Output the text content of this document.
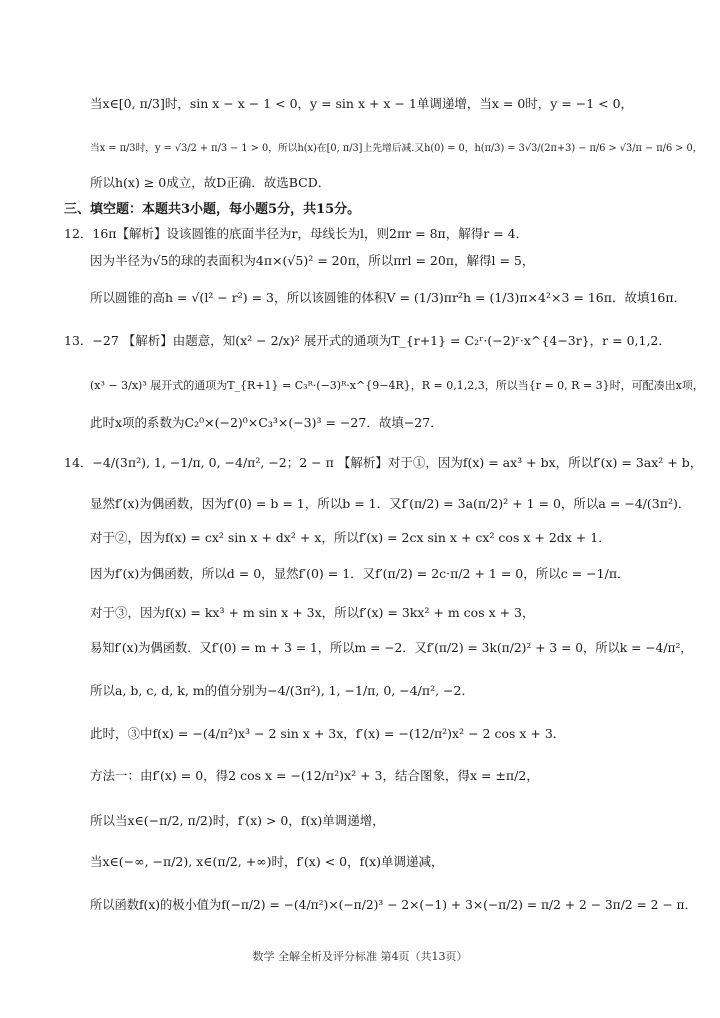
当x∈[0, π/3]时，sin x − x − 1 < 0，y = sin x + x − 1单调递增，当x = 0时，y = −1 < 0，
当x = π/3时，y = √3/2 + π/3 − 1 > 0，所以h(x)在[0, π/3]上先增后减.又h(0) = 0，h(π/3) = 3√3/(2π+3) − π/6 > √3/π − π/6 > 0，
所以h(x) ≥ 0成立，故D正确．故选BCD．
三、填空题：本题共3小题，每小题5分，共15分。
12．16π【解析】设该圆锥的底面半径为r，母线长为l，则2πr = 8π，解得r = 4．
因为半径为√5的球的表面积为4π×(√5)² = 20π，所以πrl = 20π，解得l = 5，
所以圆锥的高h = √(l² − r²) = 3，所以该圆锥的体积V = (1/3)πr²h = (1/3)π×4²×3 = 16π．故填16π．
13．−27 【解析】由题意，知(x² − 2/x)² 展开式的通项为T_{r+1} = C₂ʳ·(−2)ʳ·x^{4−3r}，r = 0,1,2．
(x³ − 3/x)³ 展开式的通项为T_{R+1} = C₃ᴿ·(−3)ᴿ·x^{9−4R}，R = 0,1,2,3，所以当{r = 0, R = 3}时，可配凑出x项，
此时x项的系数为C₂⁰×(−2)⁰×C₃³×(−3)³ = −27．故填−27．
14．−4/(3π²), 1, −1/π, 0, −4/π², −2；2 − π 【解析】对于①，因为f(x) = ax³ + bx，所以f′(x) = 3ax² + b，
显然f′(x)为偶函数，因为f′(0) = b = 1，所以b = 1．又f′(π/2) = 3a(π/2)² + 1 = 0，所以a = −4/(3π²)．
对于②，因为f(x) = cx² sin x + dx² + x，所以f′(x) = 2cx sin x + cx² cos x + 2dx + 1．
因为f′(x)为偶函数，所以d = 0，显然f′(0) = 1．又f′(π/2) = 2c·π/2 + 1 = 0，所以c = −1/π．
对于③，因为f(x) = kx³ + m sin x + 3x，所以f′(x) = 3kx² + m cos x + 3，
易知f′(x)为偶函数．又f′(0) = m + 3 = 1，所以m = −2．又f′(π/2) = 3k(π/2)² + 3 = 0，所以k = −4/π²，
所以a, b, c, d, k, m的值分别为−4/(3π²), 1, −1/π, 0, −4/π², −2．
此时，③中f(x) = −(4/π²)x³ − 2 sin x + 3x，f′(x) = −(12/π²)x² − 2 cos x + 3．
方法一：由f′(x) = 0，得2 cos x = −(12/π²)x² + 3，结合图象，得x = ±π/2，
所以当x∈(−π/2, π/2)时，f′(x) > 0，f(x)单调递增，
当x∈(−∞, −π/2), x∈(π/2, +∞)时，f′(x) < 0，f(x)单调递减，
所以函数f(x)的极小值为f(−π/2) = −(4/π²)×(−π/2)³ − 2×(−1) + 3×(−π/2) = π/2 + 2 − 3π/2 = 2 − π．
数学 全解全析及评分标准 第4页（共13页）
